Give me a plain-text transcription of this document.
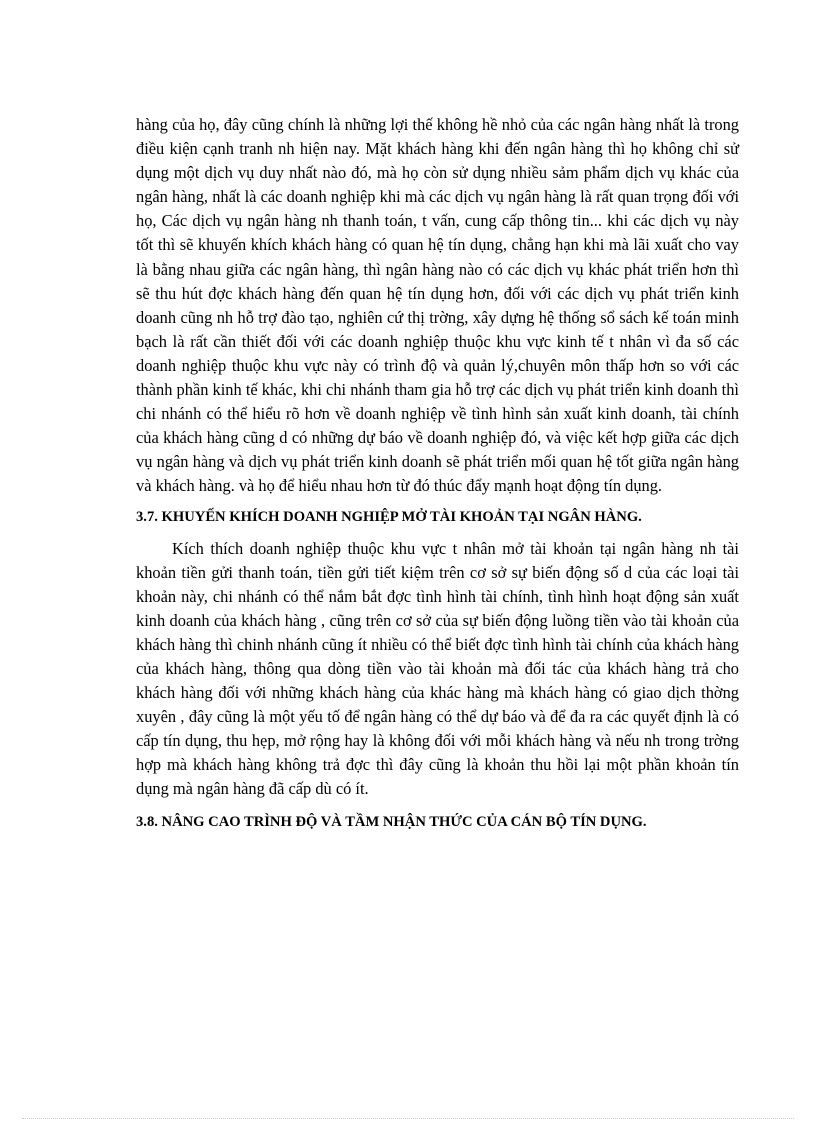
hàng của họ, đây cũng chính là những lợi thế không hề nhỏ của các ngân hàng nhất là trong điều kiện cạnh tranh nh hiện nay. Mặt khách hàng khi đến ngân hàng thì họ không chỉ sử dụng một dịch vụ duy nhất nào đó, mà họ còn sử dụng nhiều sảm phẩm dịch vụ khác của ngân hàng, nhất là các doanh nghiệp khi mà các dịch vụ ngân hàng là rất quan trọng đối với họ, Các dịch vụ ngân hàng nh thanh toán, t vấn, cung cấp thông tin... khi các dịch vụ này tốt thì sẽ khuyến khích khách hàng có quan hệ tín dụng, chẳng hạn khi mà lãi xuất cho vay là bằng nhau giữa các ngân hàng, thì ngân hàng nào có các dịch vụ khác phát triển hơn thì sẽ thu hút đợc khách hàng đến quan hệ tín dụng hơn, đối với các dịch vụ phát triển kinh doanh cũng nh hỗ trợ đào tạo, nghiên cứ thị trờng, xây dựng hệ thống sổ sách kế toán minh bạch là rất cần thiết đối với các doanh nghiệp thuộc khu vực kinh tế t nhân vì đa số các doanh nghiệp thuộc khu vực này có trình độ và quản lý,chuyên môn thấp hơn so với các thành phần kinh tế khác, khi chi nhánh tham gia hỗ trợ các dịch vụ phát triển kinh doanh thì chi nhánh có thể hiểu rõ hơn về doanh nghiệp về tình hình sản xuất kinh doanh, tài chính của khách hàng cũng d có những dự báo về doanh nghiệp đó, và việc kết hợp giữa các dịch vụ ngân hàng và dịch vụ phát triển kinh doanh sẽ phát triển mối quan hệ tốt giữa ngân hàng và khách hàng. và họ để hiểu nhau hơn từ đó thúc đẩy mạnh hoạt động tín dụng.

3.7. KHUYẾN KHÍCH DOANH NGHIỆP MỞ TÀI KHOẢN TẠI NGÂN HÀNG.

Kích thích doanh nghiệp thuộc khu vực t nhân mở tài khoản tại ngân hàng nh tài khoản tiền gửi thanh toán, tiền gửi tiết kiệm trên cơ sở sự biến động số d của các loại tài khoản này, chi nhánh có thể nắm bắt đợc tình hình tài chính, tình hình hoạt động sản xuất kinh doanh của khách hàng , cũng trên cơ sở của sự biến động luồng tiền vào tài khoản của khách hàng thì chinh nhánh cũng ít nhiều có thể biết đợc tình hình tài chính của khách hàng của khách hàng, thông qua dòng tiền vào tài khoản mà đối tác của khách hàng trả cho khách hàng đối với những khách hàng của khác hàng mà khách hàng có giao dịch thờng xuyên , đây cũng là một yếu tố để ngân hàng có thể dự báo và để đa ra các quyết định là có cấp tín dụng, thu hẹp, mở rộng hay là không đối với mỗi khách hàng và nếu nh trong trờng hợp mà khách hàng không trả đợc thì đây cũng là khoản thu hồi lại một phần khoản tín dụng mà ngân hàng đã cấp dù có ít.

3.8. NÂNG CAO TRÌNH ĐỘ VÀ TẦM NHẬN THỨC CỦA CÁN BỘ TÍN DỤNG.
